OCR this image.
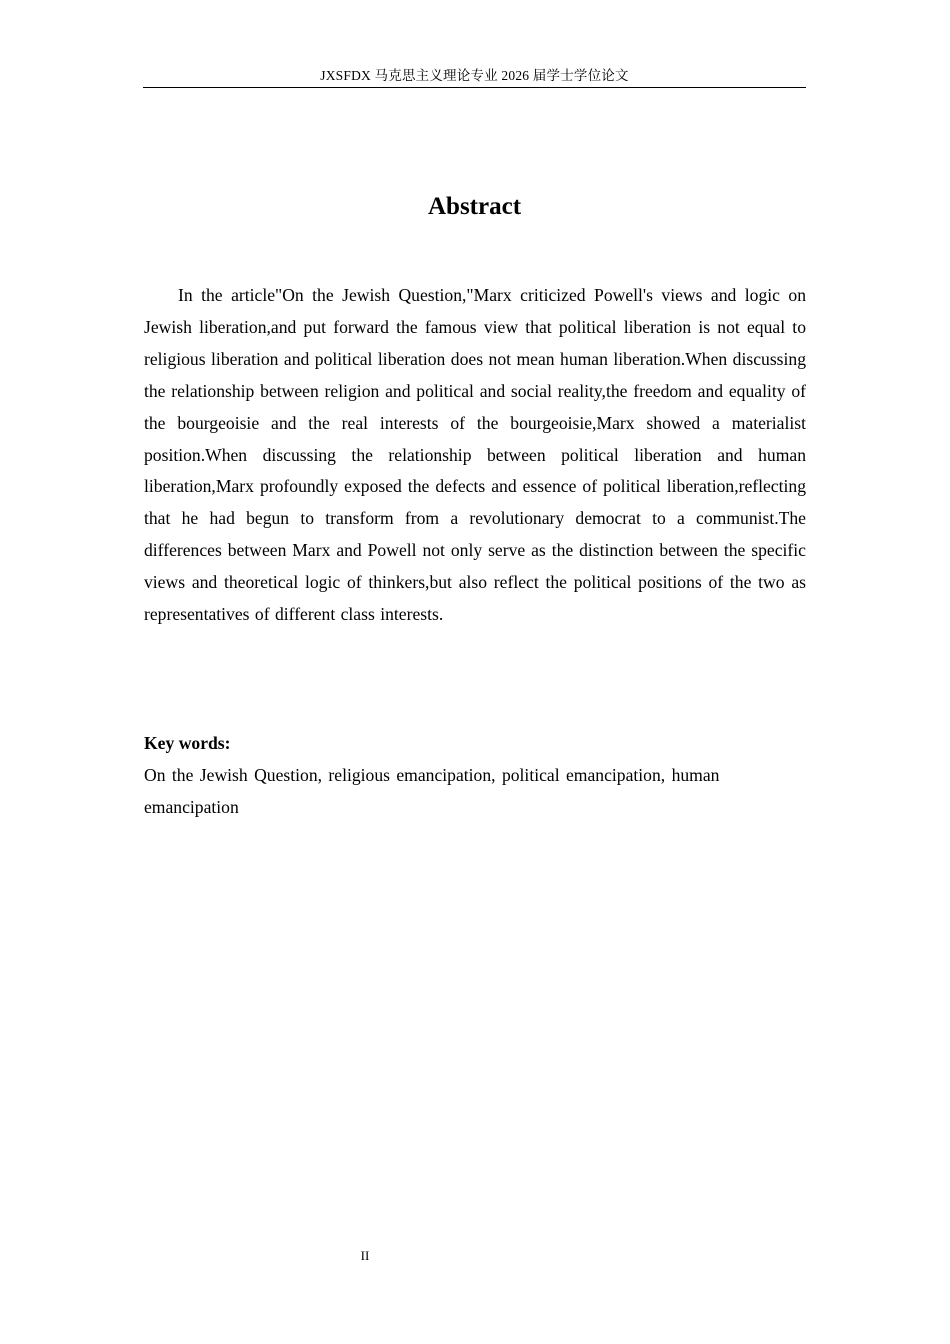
JXSFDX 马克思主义理论专业 2026 届学士学位论文
Abstract

In the article"On the Jewish Question,"Marx criticized Powell's views and logic on Jewish liberation,and put forward the famous view that political liberation is not equal to religious liberation and political liberation does not mean human liberation.When discussing the relationship between religion and political and social reality,the freedom and equality of the bourgeoisie and the real interests of the bourgeoisie,Marx showed a materialist position.When discussing the relationship between political liberation and human liberation,Marx profoundly exposed the defects and essence of political liberation,reflecting that he had begun to transform from a revolutionary democrat to a communist.The differences between Marx and Powell not only serve as the distinction between the specific views and theoretical logic of thinkers,but also reflect the political positions of the two as representatives of different class interests.

Key words:
On the Jewish Question, religious emancipation, political emancipation, human emancipation
II
